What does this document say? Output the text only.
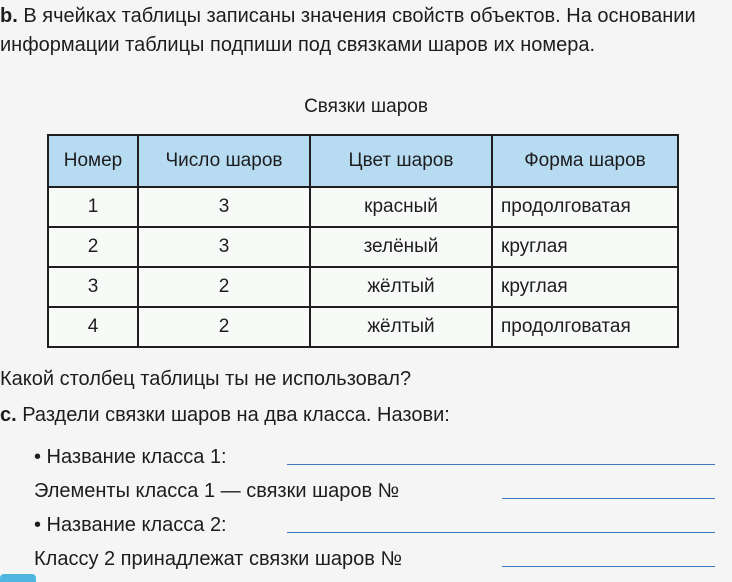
b. В ячейках таблицы записаны значения свойств объектов. На основании информации таблицы подпиши под связками шаров их номера.
Связки шаров
Номер	Число шаров	Цвет шаров	Форма шаров
1	3	красный	продолговатая
2	3	зелёный	круглая
3	2	жёлтый	круглая
4	2	жёлтый	продолговатая
Какой столбец таблицы ты не использовал?
c. Раздели связки шаров на два класса. Назови:
• Название класса 1:
Элементы класса 1 — связки шаров №
• Название класса 2:
Классу 2 принадлежат связки шаров №
